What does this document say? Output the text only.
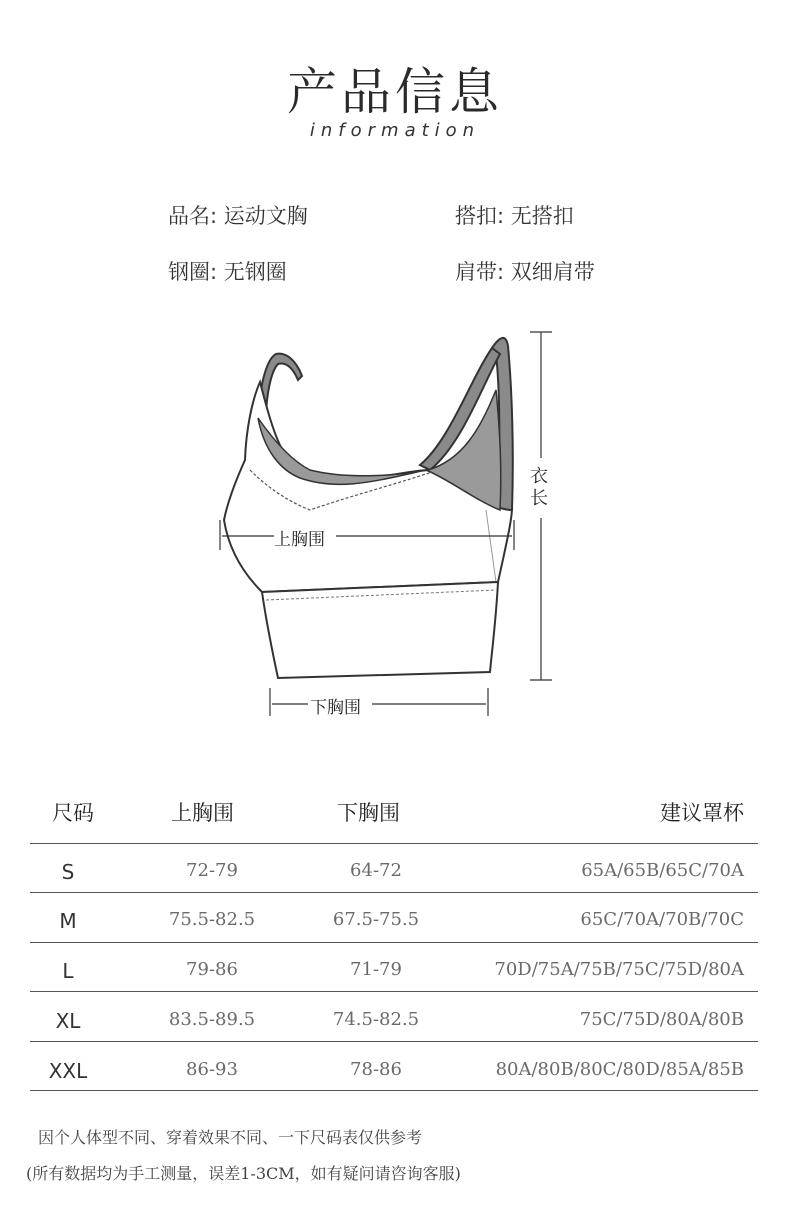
产品信息
information
品名: 运动文胸	搭扣: 无搭扣
钢圈: 无钢圈	肩带: 双细肩带
上胸围
下胸围
衣长
尺码	上胸围	下胸围	建议罩杯
S	72-79	64-72	65A/65B/65C/70A
M	75.5-82.5	67.5-75.5	65C/70A/70B/70C
L	79-86	71-79	70D/75A/75B/75C/75D/80A
XL	83.5-89.5	74.5-82.5	75C/75D/80A/80B
XXL	86-93	78-86	80A/80B/80C/80D/85A/85B
因个人体型不同、穿着效果不同、一下尺码表仅供参考
(所有数据均为手工测量，误差1-3CM，如有疑问请咨询客服)
